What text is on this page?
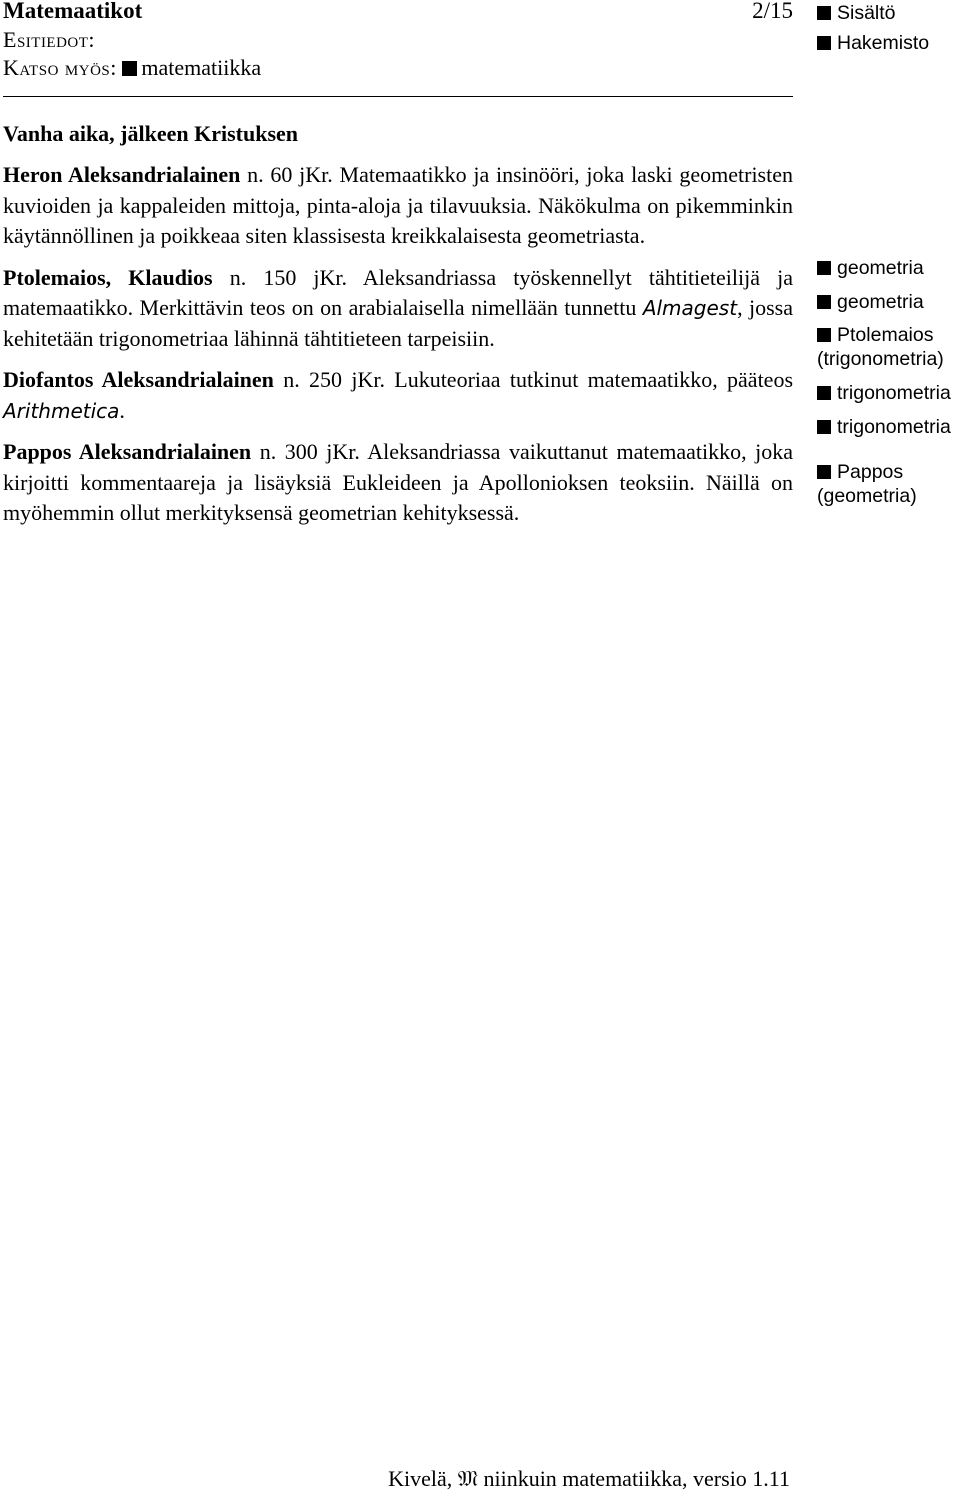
Matemaatikot	2/15
Esitiedot:
Katso myös: matematiikka
Vanha aika, jälkeen Kristuksen

Heron Aleksandrialainen n. 60 jKr. Matemaatikko ja insinööri, joka laski geometristen kuvioiden ja kappaleiden mittoja, pinta-aloja ja tilavuuksia. Näkökulma on pikemminkin käytännöllinen ja poikkeaa siten klassisesta kreikkalaisesta geometriasta.

Ptolemaios, Klaudios n. 150 jKr. Aleksandriassa työskennellyt tähtitieteilijä ja matemaatikko. Merkittävin teos on on arabialaisella nimellään tunnettu Almagest, jossa kehitetään trigonometriaa lähinnä tähtitieteen tarpeisiin.

Diofantos Aleksandrialainen n. 250 jKr. Lukuteoriaa tutkinut matemaatikko, pääteos Arithmetica.

Pappos Aleksandrialainen n. 300 jKr. Aleksandriassa vaikuttanut matemaatikko, joka kirjoitti kommentaareja ja lisäyksiä Eukleideen ja Apollonioksen teoksiin. Näillä on myöhemmin ollut merkityksensä geometrian kehityksessä.

Sisältö
Hakemisto
geometria
geometria
Ptolemaios
(trigonometria)
trigonometria
trigonometria
Pappos
(geometria)
Kivelä, 𝔐 niinkuin matematiikka, versio 1.11
